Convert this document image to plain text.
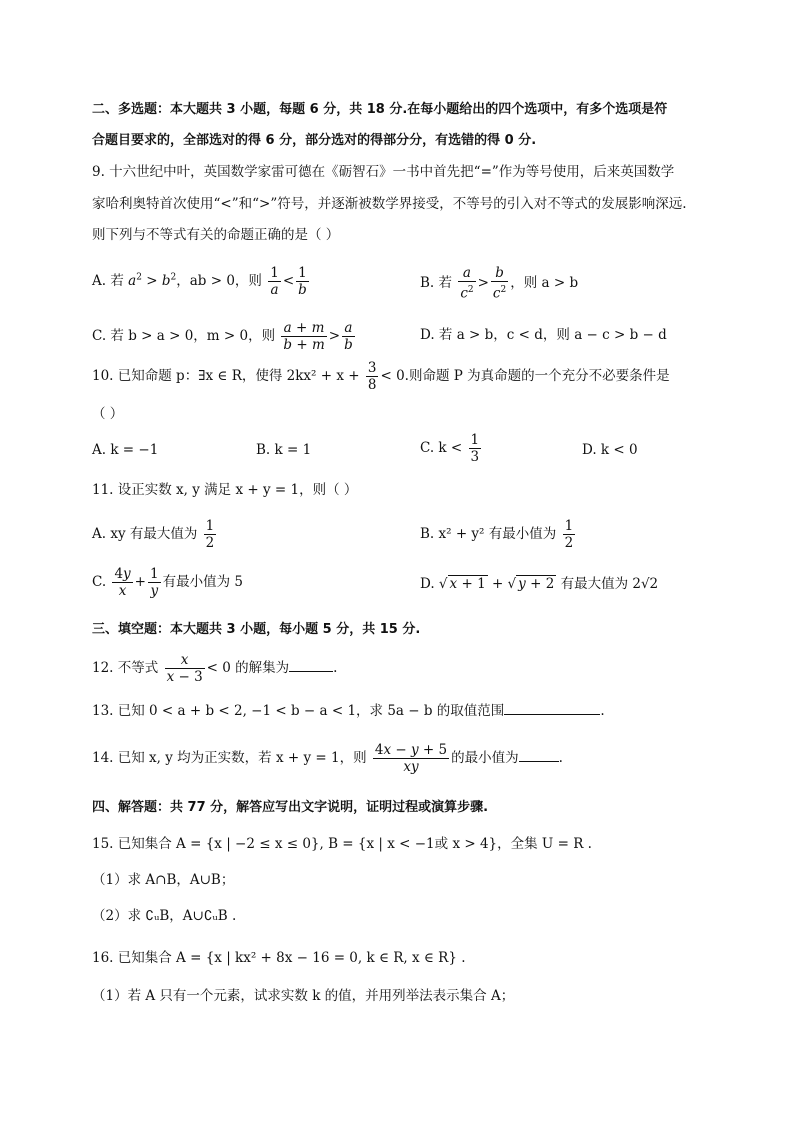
二、多选题：本大题共 3 小题，每题 6 分，共 18 分.在每小题给出的四个选项中，有多个选项是符
合题目要求的，全部选对的得 6 分，部分选对的得部分分，有选错的得 0 分.
9. 十六世纪中叶，英国数学家雷可德在《砺智石》一书中首先把“=”作为等号使用，后来英国数学
家哈利奥特首次使用“<”和“>”符号，并逐渐被数学界接受，不等号的引入对不等式的发展影响深远.
则下列与不等式有关的命题正确的是（ ）
A. 若 $a^2 > b^2$，ab > 0，则 $\frac{1}{a} < \frac{1}{b}$	B. 若 $\frac{a}{c^2} > \frac{b}{c^2}$ ，则 a > b
C. 若 b > a > 0，m > 0，则 $\frac{a + m}{b + m} > \frac{a}{b}$	D. 若 a > b，c < d，则 a − c > b − d
10. 已知命题 p：∃x ∈ R，使得 $2kx^2 + x + \frac{3}{8} < 0$.则命题 P 为真命题的一个充分不必要条件是
（ ）
A. k = −1	B. k = 1	C. $k < \frac{1}{3}$	D. k < 0
11. 设正实数 x, y 满足 x + y = 1，则（ ）
A. xy 有最大值为 $\frac{1}{2}$	B. x² + y² 有最小值为 $\frac{1}{2}$
C. $\frac{4y}{x} + \frac{1}{y}$ 有最小值为 5	D. √ x + 1 + √ y + 2 有最大值为 2√2
三、填空题：本大题共 3 小题，每小题 5 分，共 15 分.
12. 不等式 $\frac{x}{x - 3} < 0$ 的解集为	.
13. 已知 0 < a + b < 2, −1 < b − a < 1，求 5a − b 的取值范围	.
14. 已知 x, y 均为正实数，若 x + y = 1，则 $\frac{4x - y + 5}{xy}$ 的最小值为	.
四、解答题：共 77 分，解答应写出文字说明，证明过程或演算步骤.
15. 已知集合 A = {x | −2 ≤ x ≤ 0}, B = {x | x < −1或 x > 4}，全集 U = R .
（1）求 A∩B，A∪B；
（2）求 ∁ᵤB，A∪∁ᵤB .
16. 已知集合 A = {x | kx² + 8x − 16 = 0, k ∈ R, x ∈ R} .
（1）若 A 只有一个元素，试求实数 k 的值，并用列举法表示集合 A；
